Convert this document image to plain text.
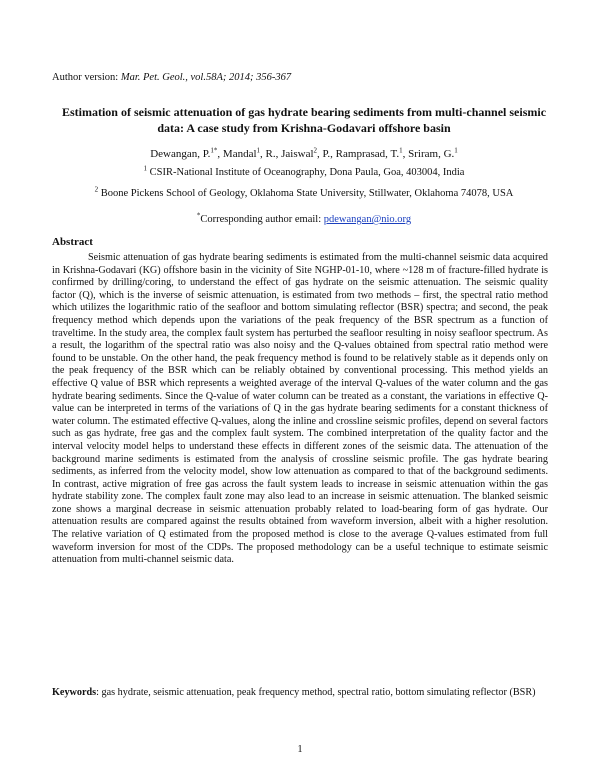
Author version: Mar. Pet. Geol., vol.58A; 2014; 356-367
Estimation of seismic attenuation of gas hydrate bearing sediments from multi-channel seismic data: A case study from Krishna-Godavari offshore basin
Dewangan, P.$^{1*}$, Mandal$^1$, R., Jaiswal$^2$, P., Ramprasad, T.$^1$, Sriram, G.$^1$
$^1$ CSIR-National Institute of Oceanography, Dona Paula, Goa, 403004, India
$^2$ Boone Pickens School of Geology, Oklahoma State University, Stillwater, Oklahoma 74078, USA
*Corresponding author email: pdewangan@nio.org
Abstract

Seismic attenuation of gas hydrate bearing sediments is estimated from the multi-channel seismic data acquired in Krishna-Godavari (KG) offshore basin in the vicinity of Site NGHP-01-10, where ~128 m of fracture-filled hydrate is confirmed by drilling/coring, to understand the effect of gas hydrate on the seismic attenuation. The seismic quality factor (Q), which is the inverse of seismic attenuation, is estimated from two methods – first, the spectral ratio method which utilizes the logarithmic ratio of the seafloor and bottom simulating reflector (BSR) spectra; and second, the peak frequency method which depends upon the variations of the peak frequency of the BSR spectrum as a function of traveltime. In the study area, the complex fault system has perturbed the seafloor resulting in noisy seafloor spectrum. As a result, the logarithm of the spectral ratio was also noisy and the Q-values obtained from spectral ratio method were found to be unstable. On the other hand, the peak frequency method is found to be relatively stable as it depends only on the peak frequency of the BSR which can be reliably obtained by conventional processing. This method yields an effective Q value of BSR which represents a weighted average of the interval Q-values of the water column and the gas hydrate bearing sediments. Since the Q-value of water column can be treated as a constant, the variations in effective Q-value can be interpreted in terms of the variations of Q in the gas hydrate bearing sediments for a constant thickness of water column. The estimated effective Q-values, along the inline and crossline seismic profiles, depend on several factors such as gas hydrate, free gas and the complex fault system. The combined interpretation of the quality factor and the interval velocity model helps to understand these effects in different zones of the seismic data. The attenuation of the background marine sediments is estimated from the analysis of crossline seismic profile. The gas hydrate bearing sediments, as inferred from the velocity model, show low attenuation as compared to that of the background sediments. In contrast, active migration of free gas across the fault system leads to increase in seismic attenuation within the gas hydrate stability zone. The complex fault zone may also lead to an increase in seismic attenuation. The blanked seismic zone shows a marginal decrease in seismic attenuation probably related to load-bearing form of gas hydrate. Our attenuation results are compared against the results obtained from waveform inversion, albeit with a higher resolution. The relative variation of Q estimated from the proposed method is close to the average Q-values estimated from full waveform inversion for most of the CDPs. The proposed methodology can be a useful technique to estimate seismic attenuation from multi-channel seismic data.

Keywords: gas hydrate, seismic attenuation, peak frequency method, spectral ratio, bottom simulating reflector (BSR)

1
